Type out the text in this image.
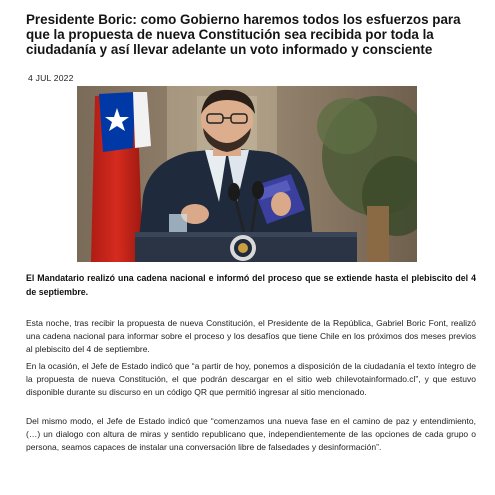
Presidente Boric: como Gobierno haremos todos los esfuerzos para que la propuesta de nueva Constitución sea recibida por toda la ciudadanía y así llevar adelante un voto informado y consciente
4 JUL 2022

El Mandatario realizó una cadena nacional e informó del proceso que se extiende hasta el plebiscito del 4 de septiembre.

Esta noche, tras recibir la propuesta de nueva Constitución, el Presidente de la República, Gabriel Boric Font, realizó una cadena nacional para informar sobre el proceso y los desafíos que tiene Chile en los próximos dos meses previos al plebiscito del 4 de septiembre.

En la ocasión, el Jefe de Estado indicó que “a partir de hoy, ponemos a disposición de la ciudadanía el texto íntegro de la propuesta de nueva Constitución, el que podrán descargar en el sitio web chilevotainformado.cl”, y que estuvo disponible durante su discurso en un código QR que permitió ingresar al sitio mencionado.

Del mismo modo, el Jefe de Estado indicó que “comenzamos una nueva fase en el camino de paz y entendimiento, (…) un dialogo con altura de miras y sentido republicano que, independientemente de las opciones de cada grupo o persona, seamos capaces de instalar una conversación libre de falsedades y desinformación”.
